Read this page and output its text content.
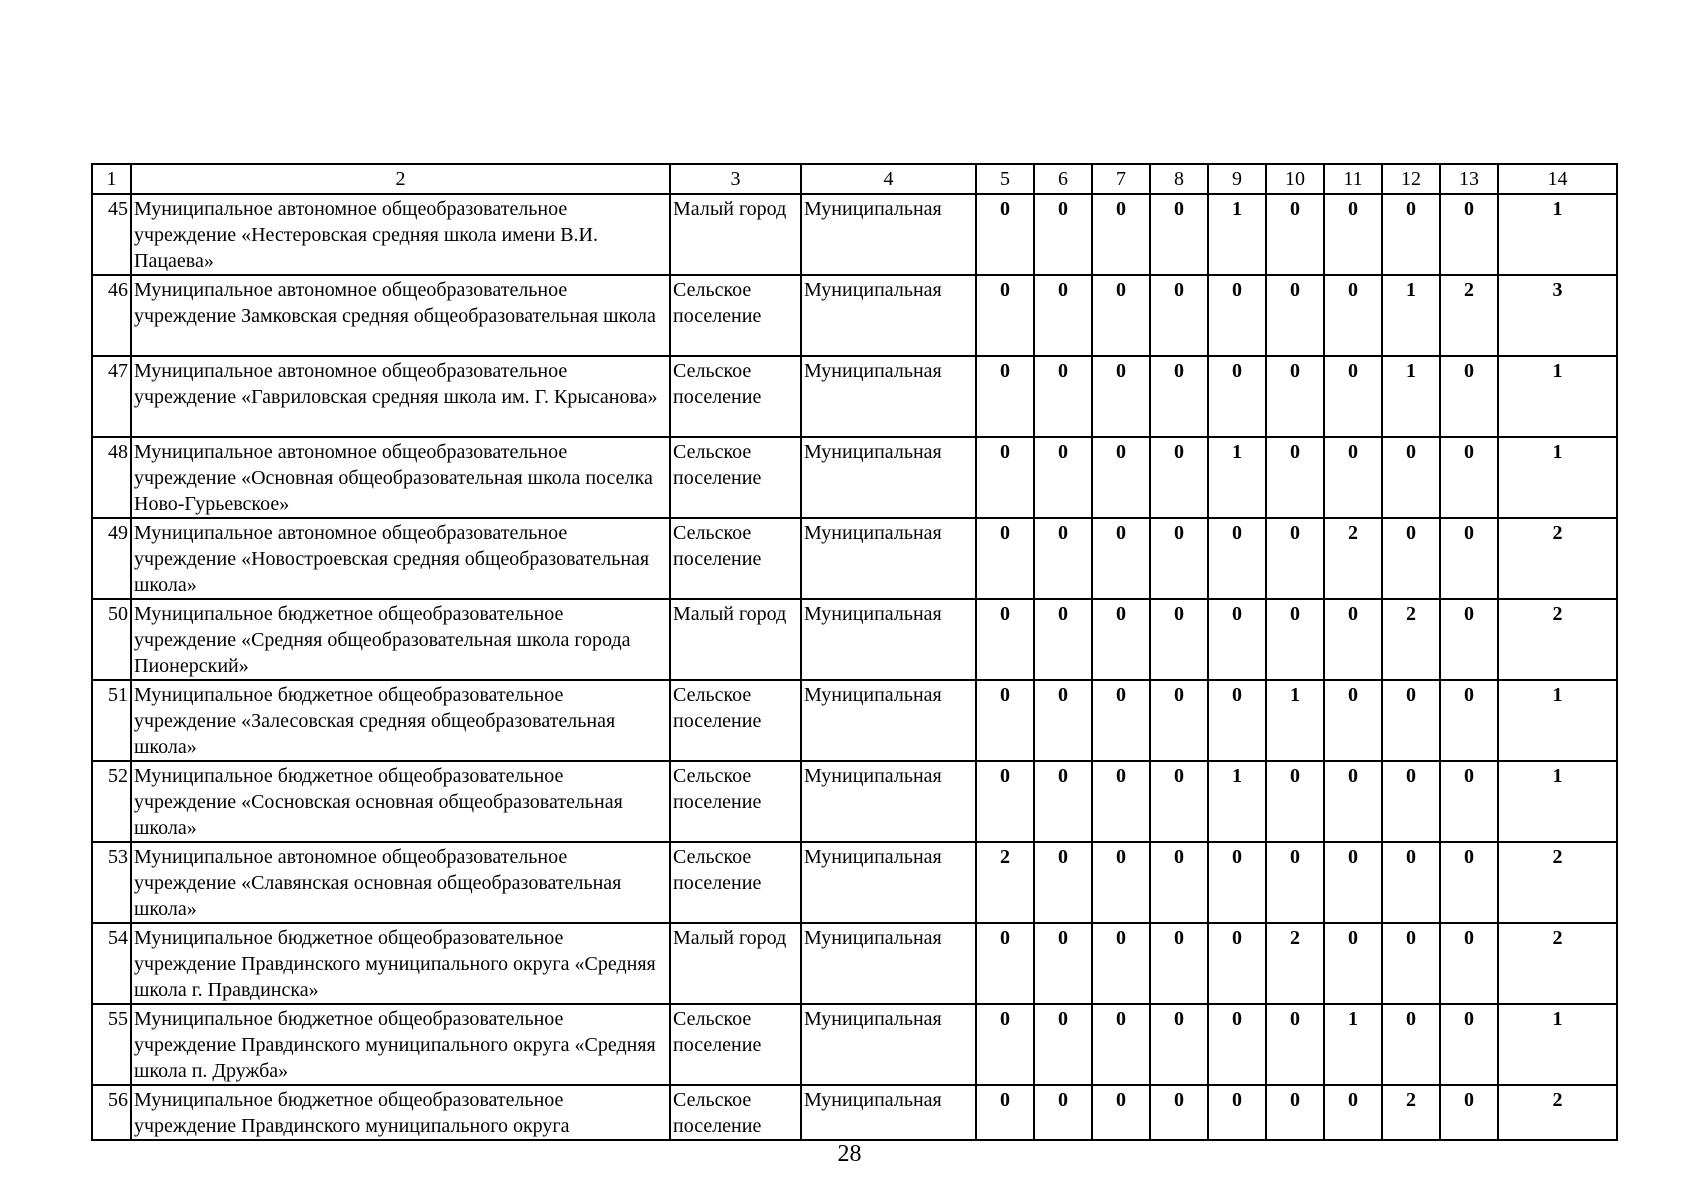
1	2	3	4	5	6	7	8	9	10	11	12	13	14
45	Муниципальное автономное общеобразовательное учреждение «Нестеровская средняя школа имени В.И. Пацаева»	Малый город	Муниципальная	0	0	0	0	1	0	0	0	0	1
46	Муниципальное автономное общеобразовательное учреждение Замковская средняя общеобразовательная школа	Сельское поселение	Муниципальная	0	0	0	0	0	0	0	1	2	3
47	Муниципальное автономное общеобразовательное учреждение «Гавриловская средняя школа им. Г. Крысанова»	Сельское поселение	Муниципальная	0	0	0	0	0	0	0	1	0	1
48	Муниципальное автономное общеобразовательное учреждение «Основная общеобразовательная школа поселка Ново-Гурьевское»	Сельское поселение	Муниципальная	0	0	0	0	1	0	0	0	0	1
49	Муниципальное автономное общеобразовательное учреждение «Новостроевская средняя общеобразовательная школа»	Сельское поселение	Муниципальная	0	0	0	0	0	0	2	0	0	2
50	Муниципальное бюджетное общеобразовательное учреждение «Средняя общеобразовательная школа города Пионерский»	Малый город	Муниципальная	0	0	0	0	0	0	0	2	0	2
51	Муниципальное бюджетное общеобразовательное учреждение «Залесовская средняя общеобразовательная школа»	Сельское поселение	Муниципальная	0	0	0	0	0	1	0	0	0	1
52	Муниципальное бюджетное общеобразовательное учреждение «Сосновская основная общеобразовательная школа»	Сельское поселение	Муниципальная	0	0	0	0	1	0	0	0	0	1
53	Муниципальное автономное общеобразовательное учреждение «Славянская основная общеобразовательная школа»	Сельское поселение	Муниципальная	2	0	0	0	0	0	0	0	0	2
54	Муниципальное бюджетное общеобразовательное учреждение Правдинского муниципального округа «Средняя школа г. Правдинска»	Малый город	Муниципальная	0	0	0	0	0	2	0	0	0	2
55	Муниципальное бюджетное общеобразовательное учреждение Правдинского муниципального округа «Средняя школа п. Дружба»	Сельское поселение	Муниципальная	0	0	0	0	0	0	1	0	0	1
56	Муниципальное бюджетное общеобразовательное учреждение Правдинского муниципального округа	Сельское поселение	Муниципальная	0	0	0	0	0	0	0	2	0	2
28
